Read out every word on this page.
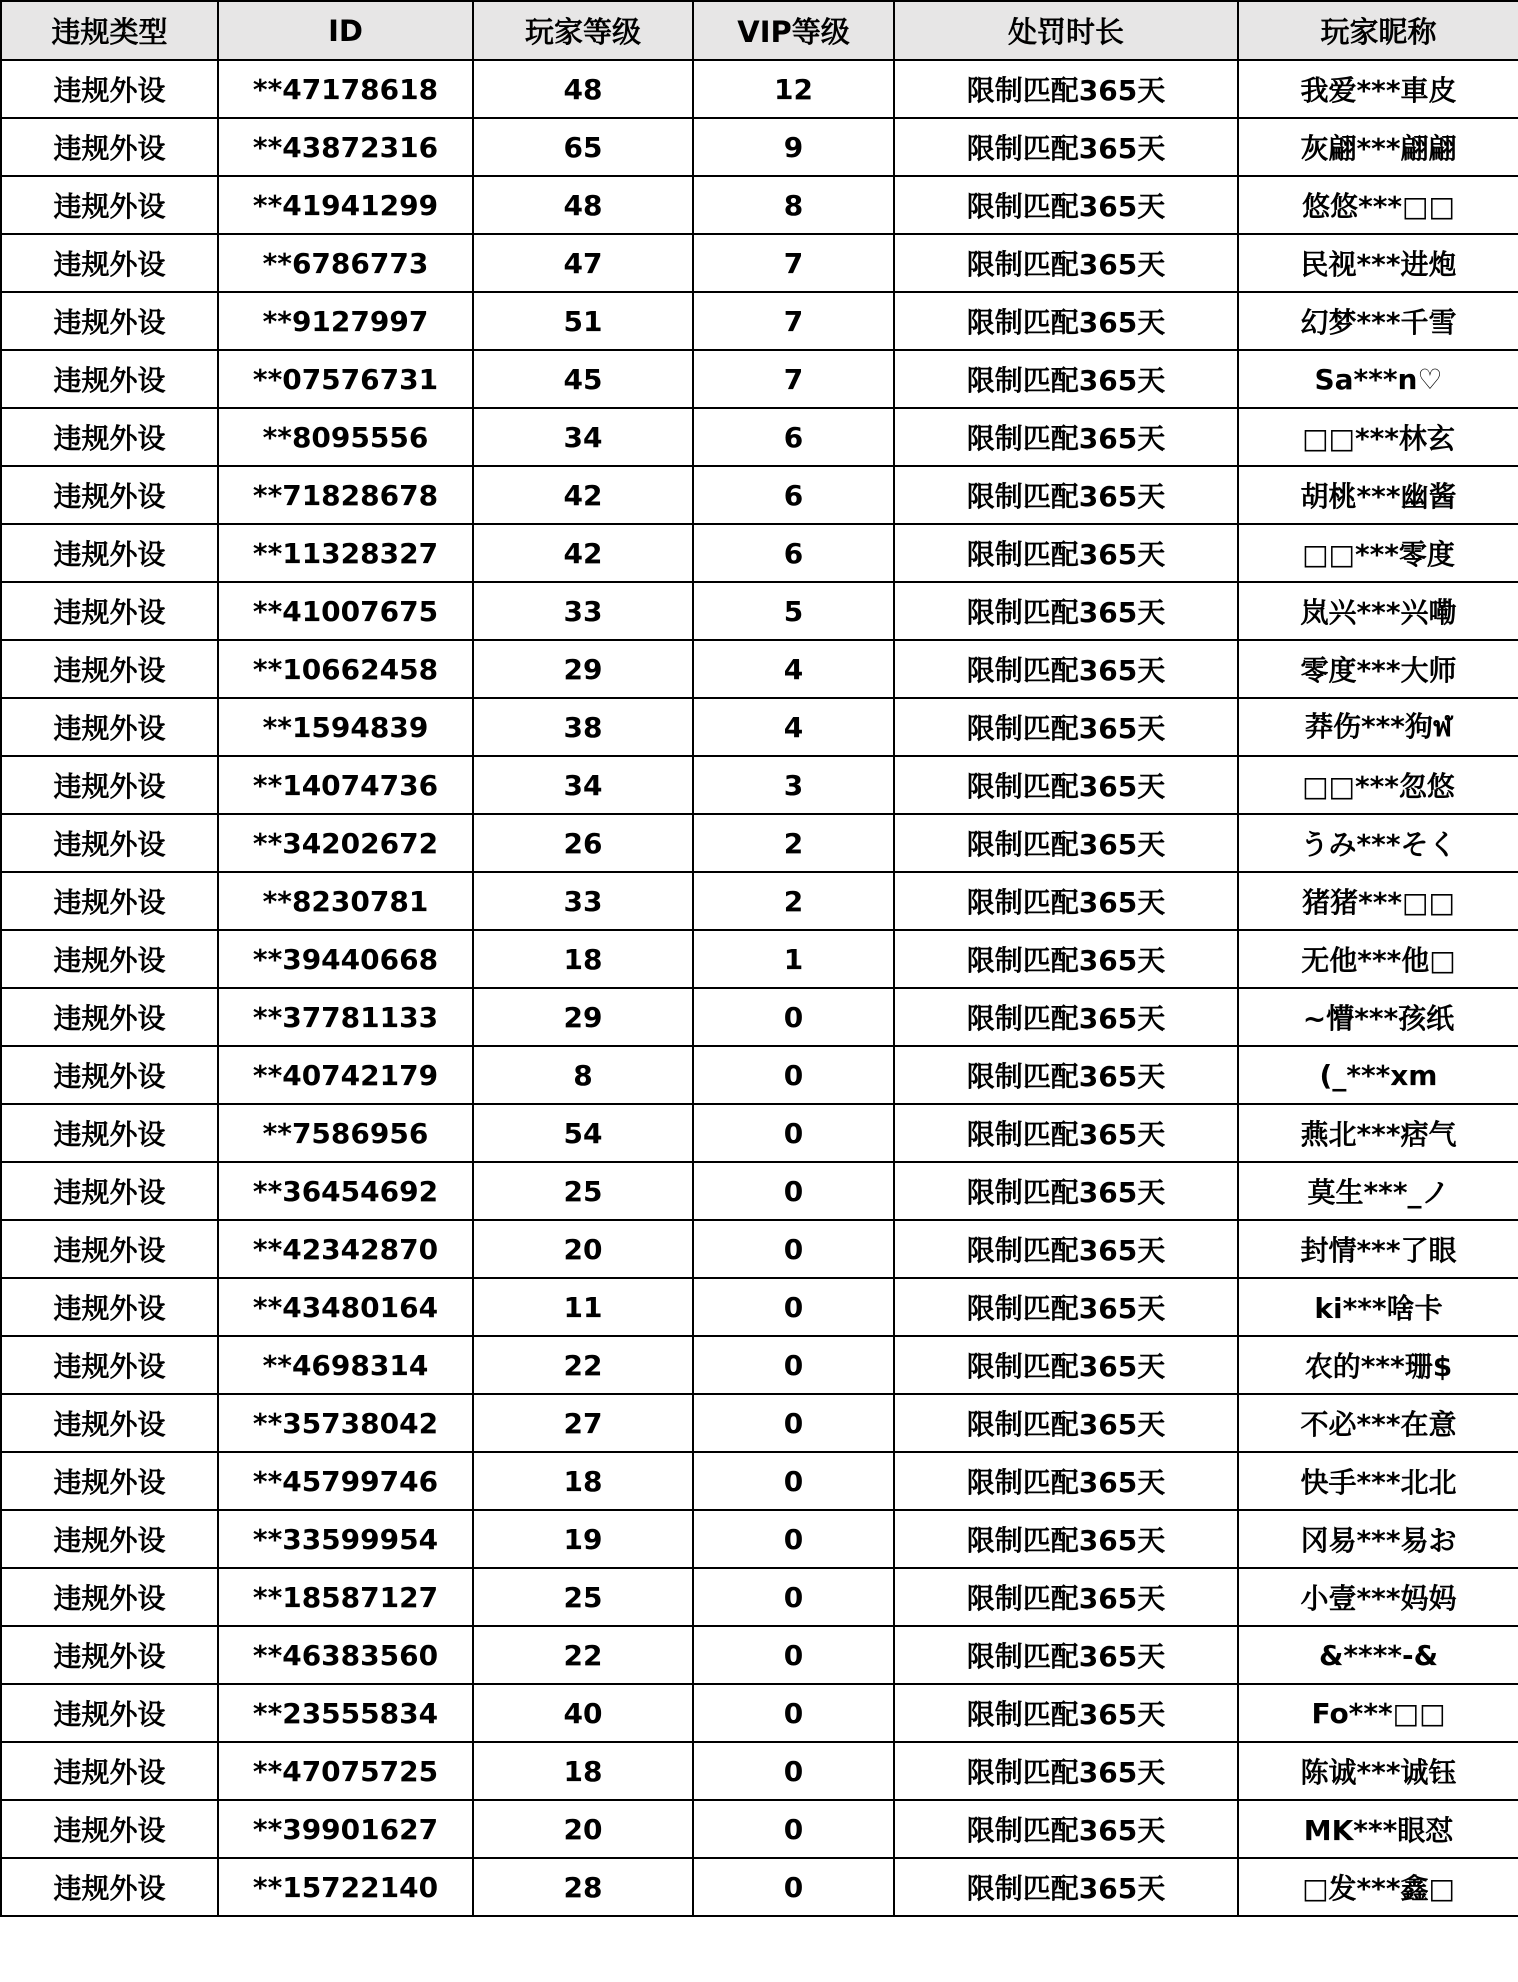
违规类型	ID	玩家等级	VIP等级	处罚时长	玩家昵称
违规外设	**47178618	48	12	限制匹配365天	我爱***車皮
违规外设	**43872316	65	9	限制匹配365天	灰翩***翩翩
违规外设	**41941299	48	8	限制匹配365天	悠悠***□□
违规外设	**6786773	47	7	限制匹配365天	民视***进炮
违规外设	**9127997	51	7	限制匹配365天	幻梦***千雪
违规外设	**07576731	45	7	限制匹配365天	Sa***n♡
违规外设	**8095556	34	6	限制匹配365天	□□***林玄
违规外设	**71828678	42	6	限制匹配365天	胡桃***幽酱
违规外设	**11328327	42	6	限制匹配365天	□□***零度
违规外设	**41007675	33	5	限制匹配365天	岚兴***兴嘞
违规外设	**10662458	29	4	限制匹配365天	零度***大师
违规外设	**1594839	38	4	限制匹配365天	莽伤***狗ฬ
违规外设	**14074736	34	3	限制匹配365天	□□***忽悠
违规外设	**34202672	26	2	限制匹配365天	うみ***そく
违规外设	**8230781	33	2	限制匹配365天	猪猪***□□
违规外设	**39440668	18	1	限制匹配365天	无他***他□
违规外设	**37781133	29	0	限制匹配365天	~懵***孩纸
违规外设	**40742179	8	0	限制匹配365天	(_***xm
违规外设	**7586956	54	0	限制匹配365天	燕北***痞气
违规外设	**36454692	25	0	限制匹配365天	莫生***_ノ
违规外设	**42342870	20	0	限制匹配365天	封情***了眼
违规外设	**43480164	11	0	限制匹配365天	ki***啥卡
违规外设	**4698314	22	0	限制匹配365天	农的***珊$
违规外设	**35738042	27	0	限制匹配365天	不必***在意
违规外设	**45799746	18	0	限制匹配365天	快手***北北
违规外设	**33599954	19	0	限制匹配365天	冈易***易お
违规外设	**18587127	25	0	限制匹配365天	小壹***妈妈
违规外设	**46383560	22	0	限制匹配365天	&****-&
违规外设	**23555834	40	0	限制匹配365天	Fo***□□
违规外设	**47075725	18	0	限制匹配365天	陈诚***诚钰
违规外设	**39901627	20	0	限制匹配365天	MK***眼怼
违规外设	**15722140	28	0	限制匹配365天	□发***鑫□
